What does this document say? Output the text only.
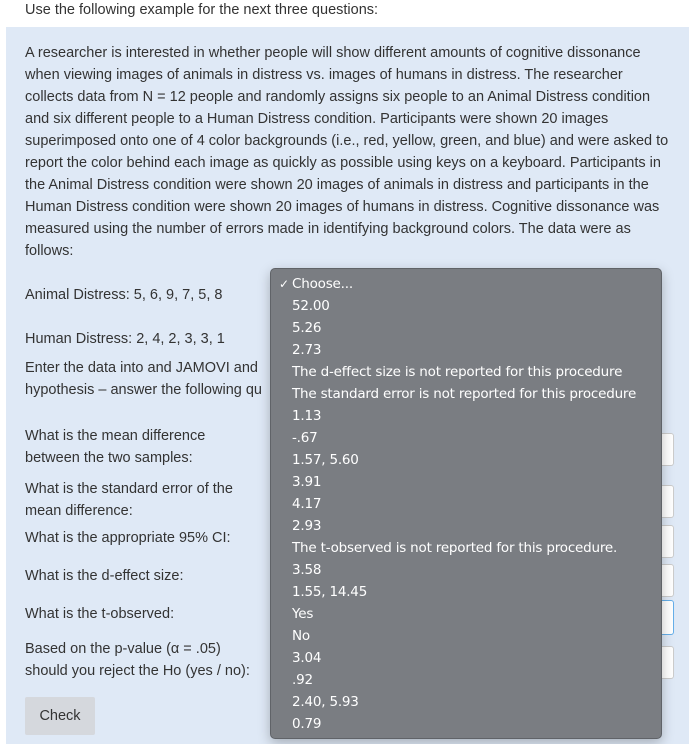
Use the following example for the next three questions:

A researcher is interested in whether people will show different amounts of cognitive dissonance when viewing images of animals in distress vs. images of humans in distress. The researcher collects data from N = 12 people and randomly assigns six people to an Animal Distress condition and six different people to a Human Distress condition. Participants were shown 20 images superimposed onto one of 4 color backgrounds (i.e., red, yellow, green, and blue) and were asked to report the color behind each image as quickly as possible using keys on a keyboard. Participants in the Animal Distress condition were shown 20 images of animals in distress and participants in the Human Distress condition were shown 20 images of humans in distress. Cognitive dissonance was measured using the number of errors made in identifying background colors. The data were as follows:

Animal Distress: 5, 6, 9, 7, 5, 8
Human Distress: 2, 4, 2, 3, 3, 1
Enter the data into and JAMOVI and
hypothesis – answer the following qu
What is the mean difference
between the two samples:
What is the standard error of the
mean difference:
What is the appropriate 95% CI:
What is the d-effect size:
What is the t-observed:
Based on the p-value (α = .05)
should you reject the Ho (yes / no):
Check
✓ Choose...
52.00
5.26
2.73
The d-effect size is not reported for this procedure
The standard error is not reported for this procedure
1.13
-.67
1.57, 5.60
3.91
4.17
2.93
The t-observed is not reported for this procedure.
3.58
1.55, 14.45
Yes
No
3.04
.92
2.40, 5.93
0.79
